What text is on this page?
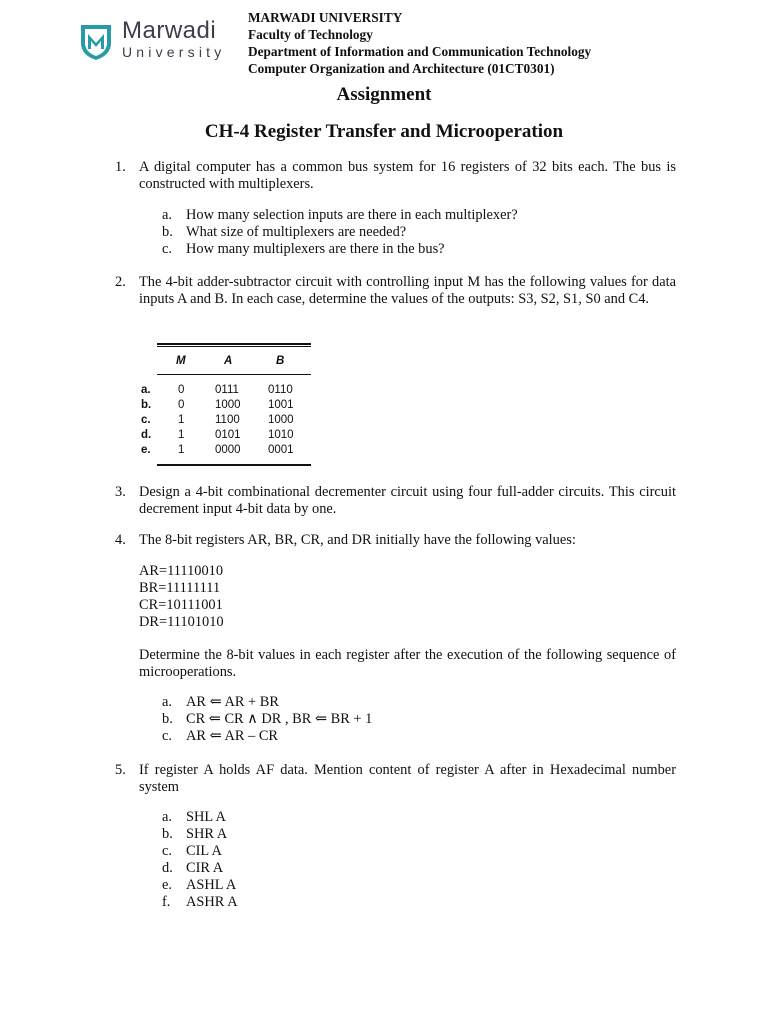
Marwadi
University
MARWADI UNIVERSITY
Faculty of Technology
Department of Information and Communication Technology
Computer Organization and Architecture (01CT0301)
Assignment
CH-4 Register Transfer and Microoperation
1. A digital computer has a common bus system for 16 registers of 32 bits each. The bus is constructed with multiplexers.
a. How many selection inputs are there in each multiplexer?
b. What size of multiplexers are needed?
c. How many multiplexers are there in the bus?
2. The 4-bit adder-subtractor circuit with controlling input M has the following values for data inputs A and B. In each case, determine the values of the outputs: S3, S2, S1, S0 and C4.
M	A	B
a. 0	0111	0110
b. 0	1000 1001
c. 1	1100 1000
d. 1	0101 1010
e. 1	0000 0001
3. Design a 4-bit combinational decrementer circuit using four full-adder circuits. This circuit decrement input 4-bit data by one.
4. The 8-bit registers AR, BR, CR, and DR initially have the following values:
AR=11110010
BR=11111111
CR=10111001
DR=11101010
Determine the 8-bit values in each register after the execution of the following sequence of microoperations.
a. AR ⇐ AR + BR
b. CR ⇐ CR ∧ DR , BR ⇐ BR + 1
c. AR ⇐ AR – CR
5. If register A holds AF data. Mention content of register A after in Hexadecimal number system
a. SHL A
b. SHR A
c. CIL A
d. CIR A
e. ASHL A
f. ASHR A
